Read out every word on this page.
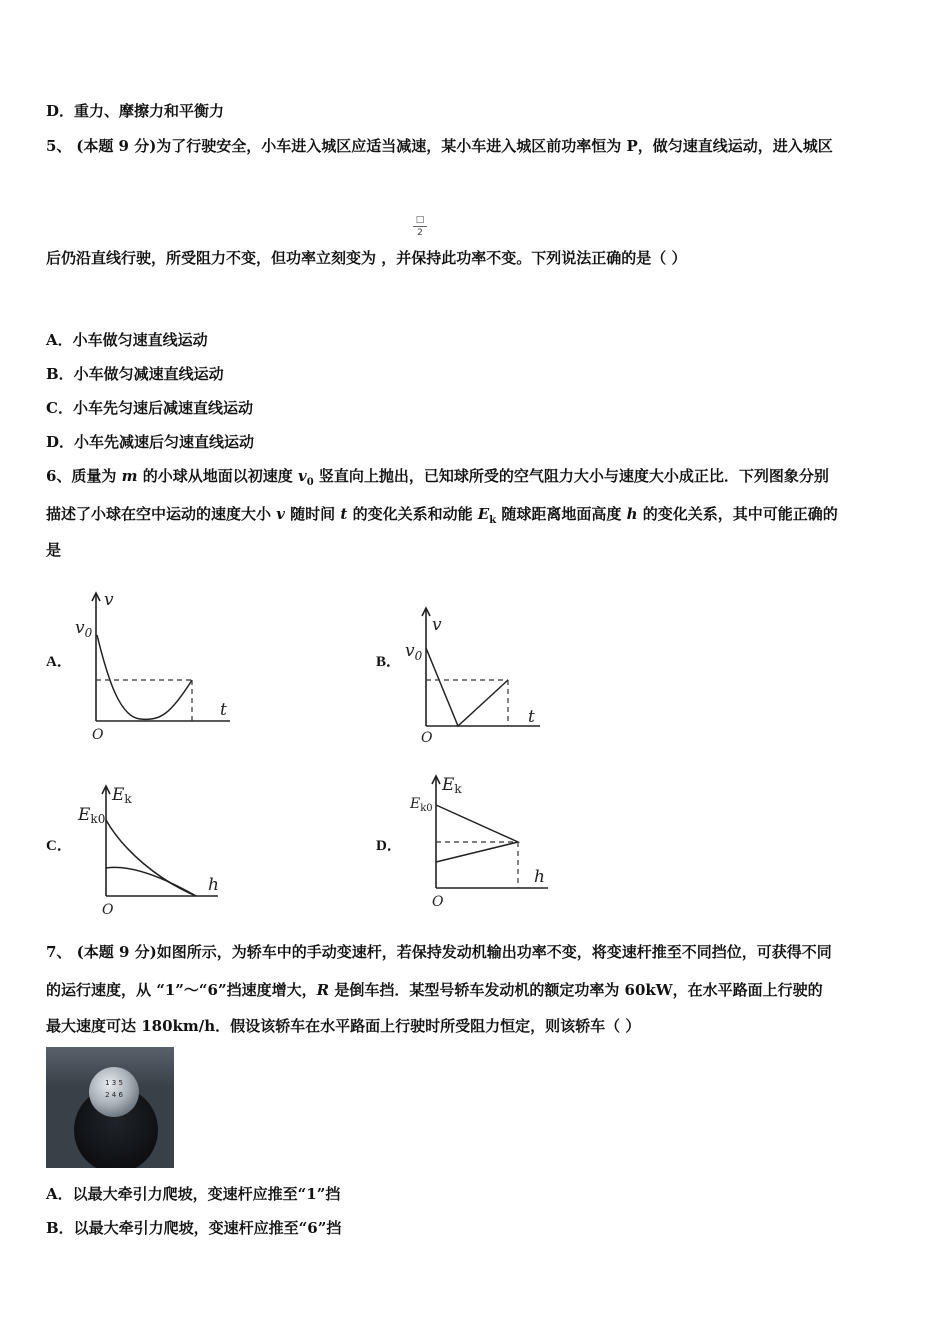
D．重力、摩擦力和平衡力
5、 (本题 9 分)为了行驶安全，小车进入城区应适当减速，某小车进入城区前功率恒为 P，做匀速直线运动，进入城区
□
2
后仍沿直线行驶，所受阻力不变，但功率立刻变为 ，并保持此功率不变。下列说法正确的是（ ）
A．小车做匀速直线运动
B．小车做匀减速直线运动
C．小车先匀速后减速直线运动
D．小车先减速后匀速直线运动
6、质量为 m 的小球从地面以初速度 $v_0$ 竖直向上抛出，已知球所受的空气阻力大小与速度大小成正比．下列图象分别
描述了小球在空中运动的速度大小 v 随时间 t 的变化关系和动能 $E_k$ 随球距离地面高度 h 的变化关系，其中可能正确的
是
A．
v
$v_0$
t
O
B．
v
$v_0$
t
O
C．
Ek
Ek0
h
O
D．
Ek
$E_{k0}$
h
O
7、 (本题 9 分)如图所示，为轿车中的手动变速杆，若保持发动机输出功率不变，将变速杆推至不同挡位，可获得不同
的运行速度，从 “1”～“6”挡速度增大，R 是倒车挡．某型号轿车发动机的额定功率为 60kW，在水平路面上行驶的
最大速度可达 180km/h．假设该轿车在水平路面上行驶时所受阻力恒定，则该轿车（ ）
1 3 5
2 4 6
A．以最大牵引力爬坡，变速杆应推至“1”挡
B．以最大牵引力爬坡，变速杆应推至“6”挡
